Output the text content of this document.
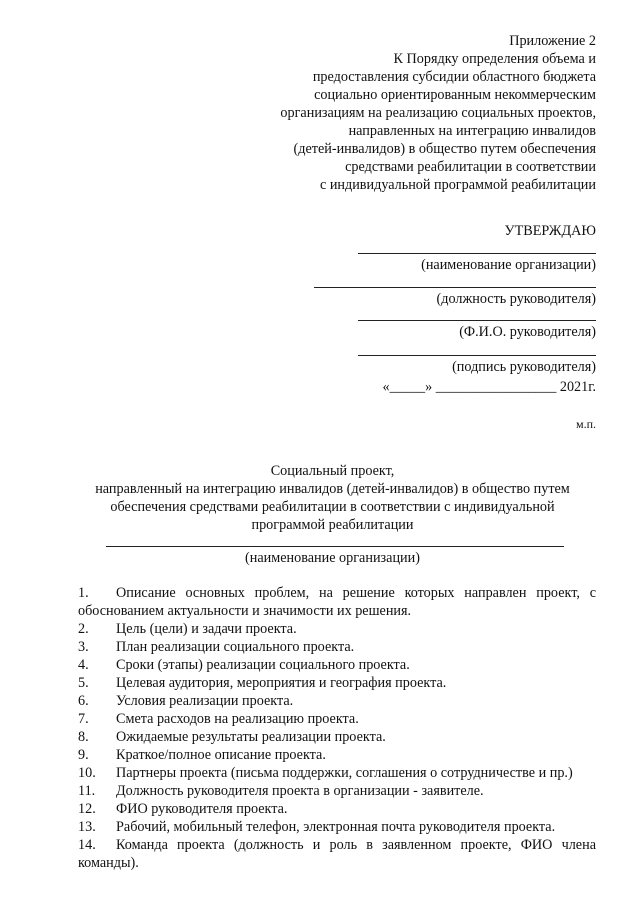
Приложение 2
К Порядку определения объема и
предоставления субсидии областного бюджета
социально ориентированным некоммерческим
организациям на реализацию социальных проектов,
направленных на интеграцию инвалидов
(детей-инвалидов) в общество путем обеспечения
средствами реабилитации в соответствии
с индивидуальной программой реабилитации
УТВЕРЖДАЮ
(наименование организации)
(должность руководителя)
(Ф.И.О. руководителя)
(подпись руководителя)
«_____» _________________ 2021г.
м.п.
Социальный проект,
направленный на интеграцию инвалидов (детей-инвалидов) в общество путем
обеспечения средствами реабилитации в соответствии с индивидуальной
программой реабилитации
(наименование организации)
1. Описание основных проблем, на решение которых направлен проект, с обоснованием актуальности и значимости их решения.
2. Цель (цели) и задачи проекта.
3. План реализации социального проекта.
4. Сроки (этапы) реализации социального проекта.
5. Целевая аудитория, мероприятия и география проекта.
6. Условия реализации проекта.
7. Смета расходов на реализацию проекта.
8. Ожидаемые результаты реализации проекта.
9. Краткое/полное описание проекта.
10. Партнеры проекта (письма поддержки, соглашения о сотрудничестве и пр.)
11. Должность руководителя проекта в организации - заявителе.
12. ФИО руководителя проекта.
13. Рабочий, мобильный телефон, электронная почта руководителя проекта.
14. Команда проекта (должность и роль в заявленном проекте, ФИО члена команды).
